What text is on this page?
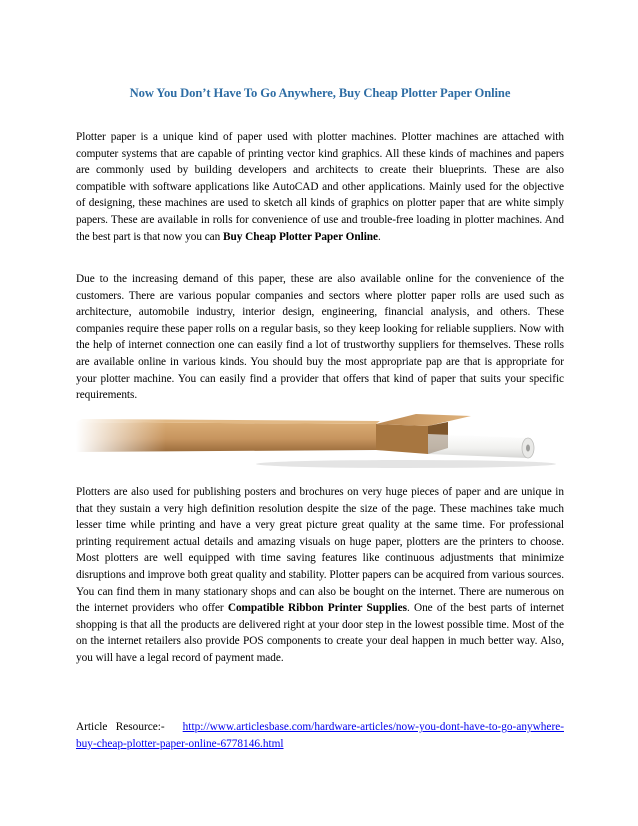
Now You Don’t Have To Go Anywhere, Buy Cheap Plotter Paper Online

Plotter paper is a unique kind of paper used with plotter machines. Plotter machines are attached with computer systems that are capable of printing vector kind graphics. All these kinds of machines and papers are commonly used by building developers and architects to create their blueprints. These are also compatible with software applications like AutoCAD and other applications. Mainly used for the objective of designing, these machines are used to sketch all kinds of graphics on plotter paper that are white simply papers. These are available in rolls for convenience of use and trouble-free loading in plotter machines. And the best part is that now you can Buy Cheap Plotter Paper Online.

Due to the increasing demand of this paper, these are also available online for the convenience of the customers. There are various popular companies and sectors where plotter paper rolls are used such as architecture, automobile industry, interior design, engineering, financial analysis, and others. These companies require these paper rolls on a regular basis, so they keep looking for reliable suppliers. Now with the help of internet connection one can easily find a lot of trustworthy suppliers for themselves. These rolls are available online in various kinds. You should buy the most appropriate pap are that is appropriate for your plotter machine. You can easily find a provider that offers that kind of paper that suits your specific requirements.

Plotters are also used for publishing posters and brochures on very huge pieces of paper and are unique in that they sustain a very high definition resolution despite the size of the page. These machines take much lesser time while printing and have a very great picture great quality at the same time. For professional printing requirement actual details and amazing visuals on huge paper, plotters are the printers to choose. Most plotters are well equipped with time saving features like continuous adjustments that minimize disruptions and improve both great quality and stability. Plotter papers can be acquired from various sources. You can find them in many stationary shops and can also be bought on the internet. There are numerous on the internet providers who offer Compatible Ribbon Printer Supplies. One of the best parts of internet shopping is that all the products are delivered right at your door step in the lowest possible time. Most of the on the internet retailers also provide POS components to create your deal happen in much better way. Also, you will have a legal record of payment made.

Article Resource:- http://www.articlesbase.com/hardware-articles/now-you-dont-have-to-go-anywhere-buy-cheap-plotter-paper-online-6778146.html
